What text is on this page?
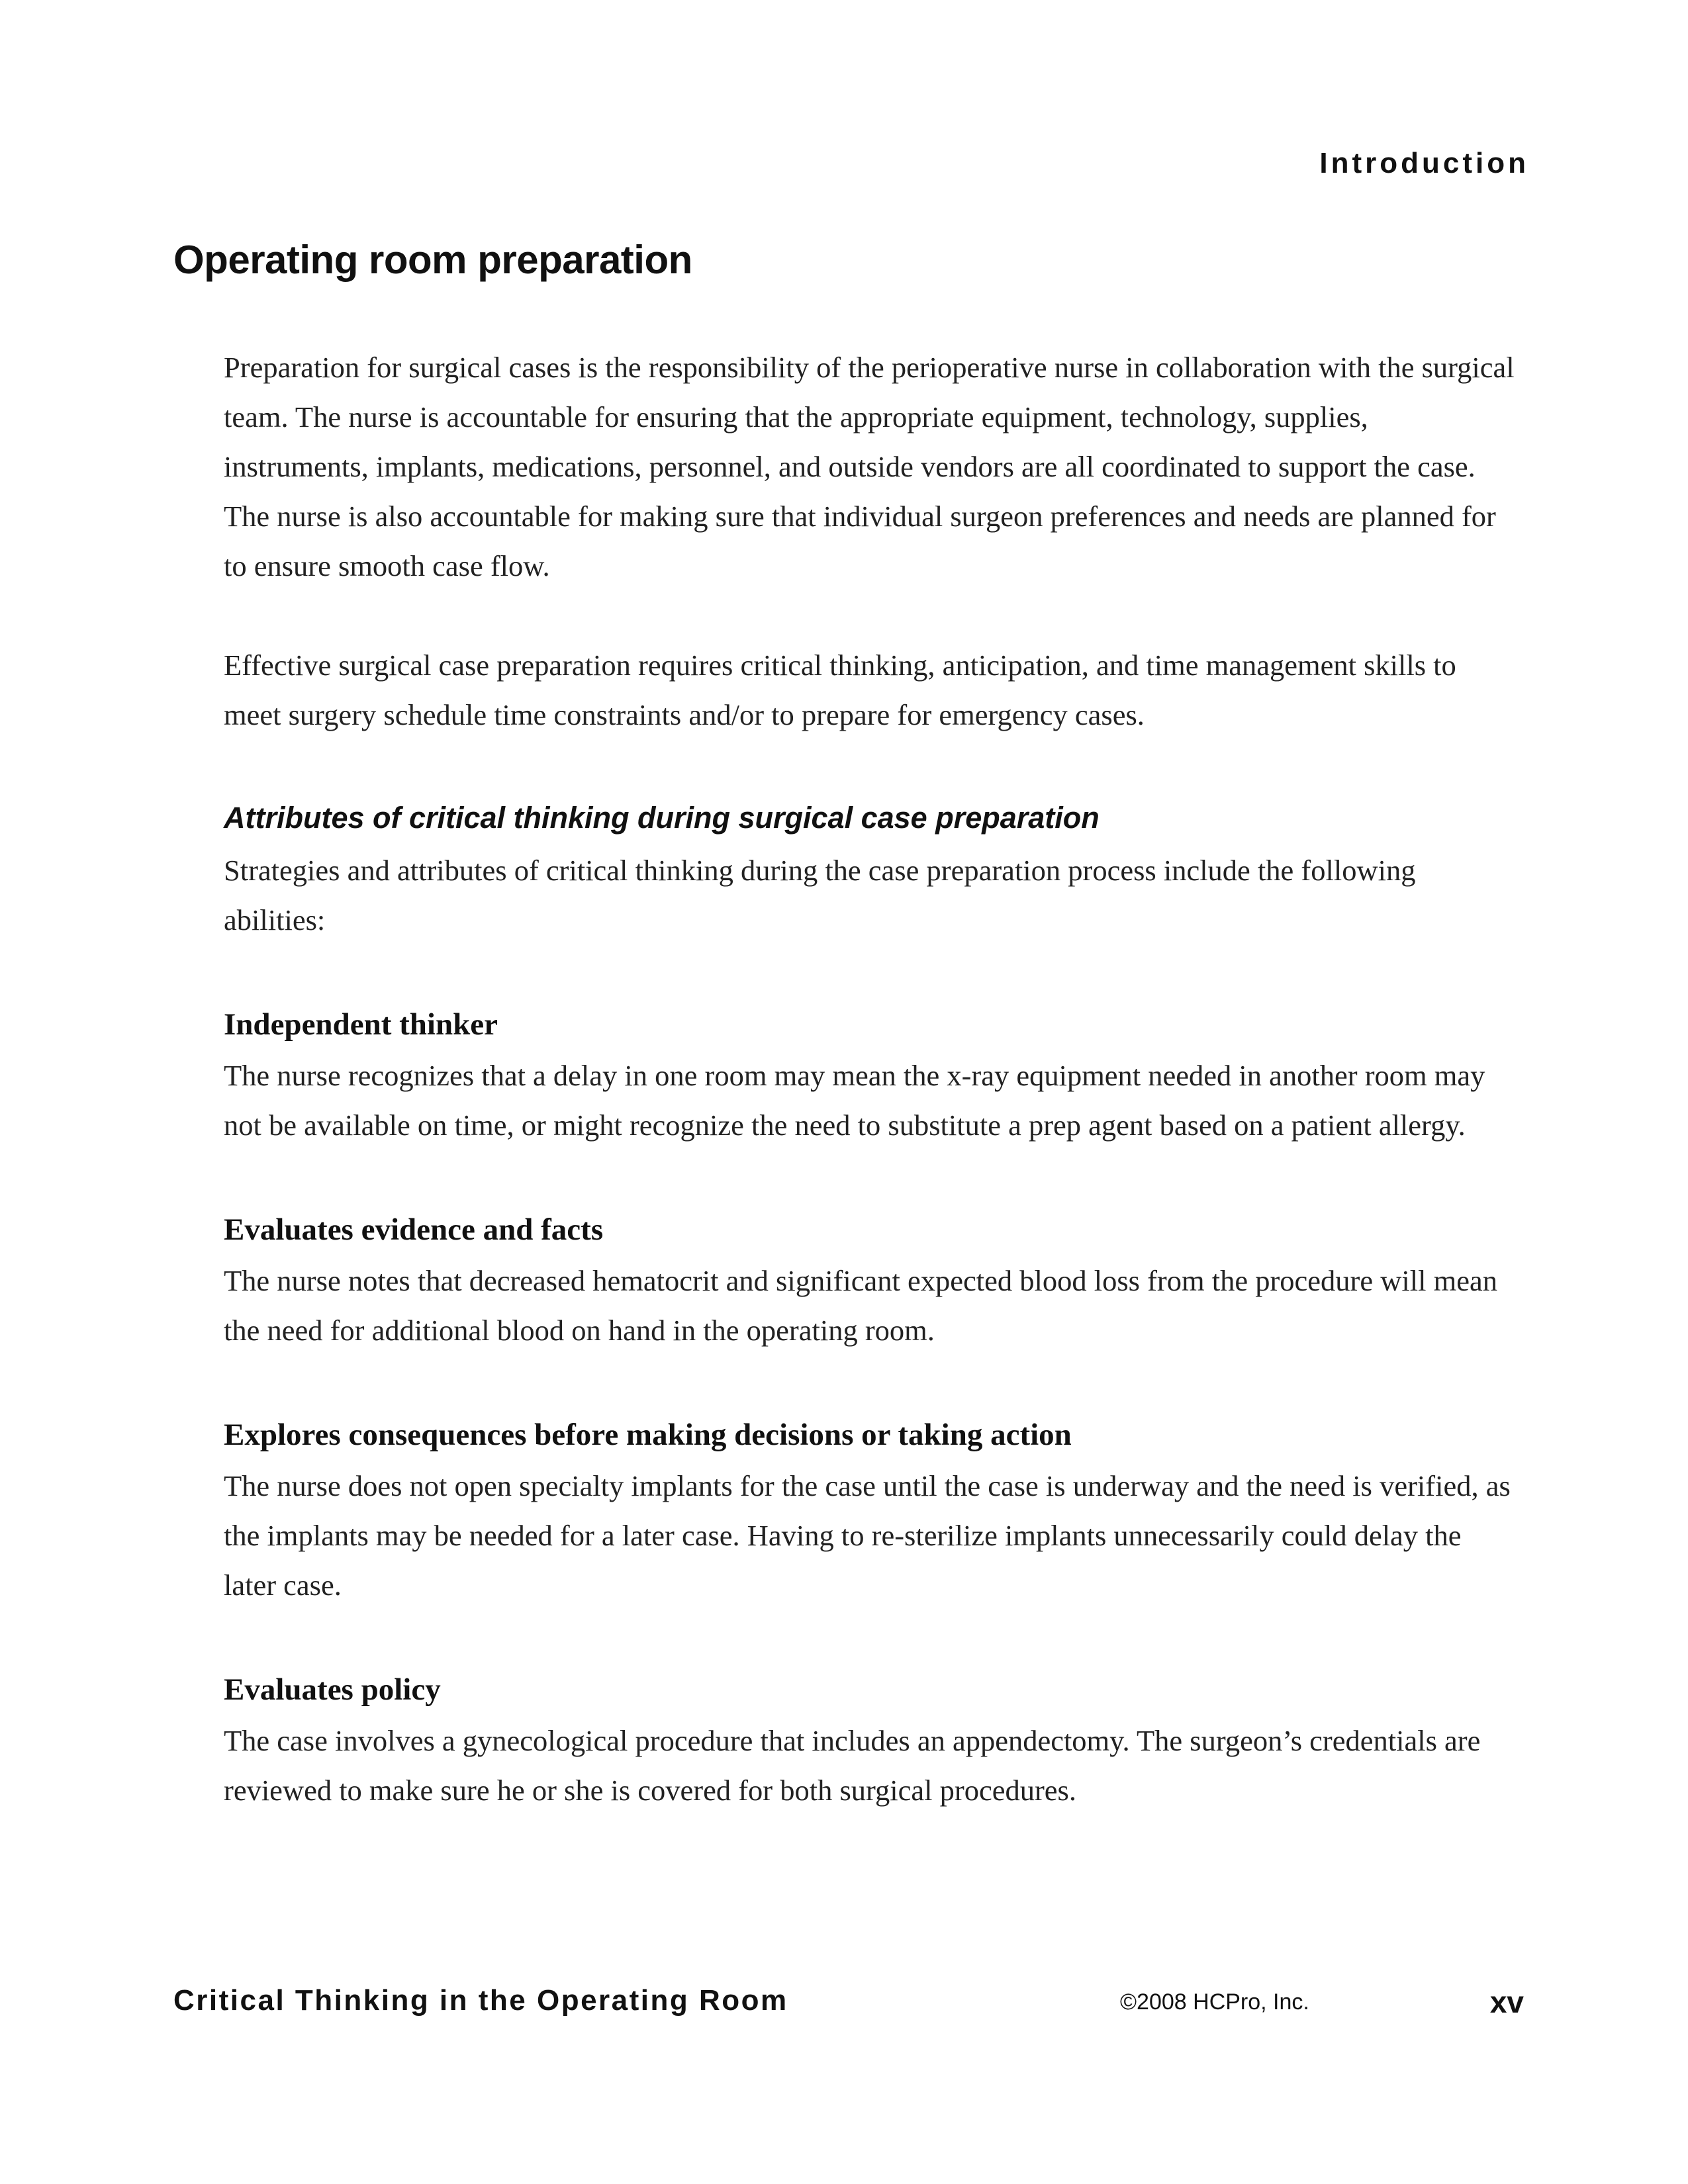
Introduction
Operating room preparation

Preparation for surgical cases is the responsibility of the perioperative nurse in collaboration with the surgical team. The nurse is accountable for ensuring that the appropriate equipment, technology, supplies, instruments, implants, medications, personnel, and outside vendors are all coordinated to support the case. The nurse is also accountable for making sure that individual surgeon preferences and needs are planned for to ensure smooth case flow.

Effective surgical case preparation requires critical thinking, anticipation, and time management skills to meet surgery schedule time constraints and/or to prepare for emergency cases.

Attributes of critical thinking during surgical case preparation

Strategies and attributes of critical thinking during the case preparation process include the following abilities:

Independent thinker

The nurse recognizes that a delay in one room may mean the x-ray equipment needed in another room may not be available on time, or might recognize the need to substitute a prep agent based on a patient allergy.

Evaluates evidence and facts

The nurse notes that decreased hematocrit and significant expected blood loss from the procedure will mean the need for additional blood on hand in the operating room.

Explores consequences before making decisions or taking action

The nurse does not open specialty implants for the case until the case is underway and the need is verified, as the implants may be needed for a later case. Having to re-sterilize implants unnecessarily could delay the later case.

Evaluates policy

The case involves a gynecological procedure that includes an appendectomy. The surgeon’s credentials are reviewed to make sure he or she is covered for both surgical procedures.

Critical Thinking in the Operating Room	©2008 HCPro, Inc.	xv
